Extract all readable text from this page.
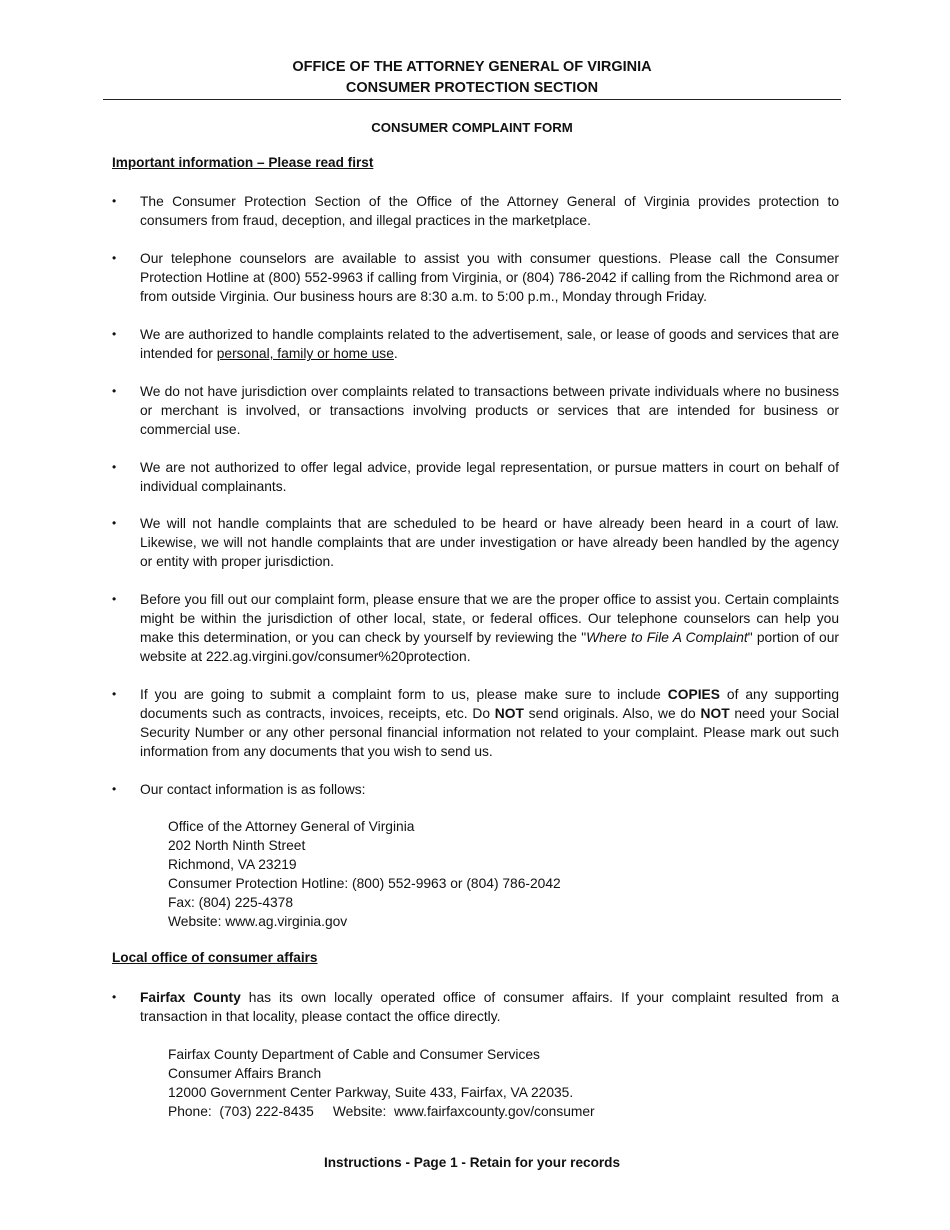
OFFICE OF THE ATTORNEY GENERAL OF VIRGINIA
CONSUMER PROTECTION SECTION
CONSUMER COMPLAINT FORM
Important information – Please read first
• The Consumer Protection Section of the Office of the Attorney General of Virginia provides protection to consumers from fraud, deception, and illegal practices in the marketplace.
• Our telephone counselors are available to assist you with consumer questions. Please call the Consumer Protection Hotline at (800) 552-9963 if calling from Virginia, or (804) 786-2042 if calling from the Richmond area or from outside Virginia. Our business hours are 8:30 a.m. to 5:00 p.m., Monday through Friday.
• We are authorized to handle complaints related to the advertisement, sale, or lease of goods and services that are intended for personal, family or home use.
• We do not have jurisdiction over complaints related to transactions between private individuals where no business or merchant is involved, or transactions involving products or services that are intended for business or commercial use.
• We are not authorized to offer legal advice, provide legal representation, or pursue matters in court on behalf of individual complainants.
• We will not handle complaints that are scheduled to be heard or have already been heard in a court of law. Likewise, we will not handle complaints that are under investigation or have already been handled by the agency or entity with proper jurisdiction.
• Before you fill out our complaint form, please ensure that we are the proper office to assist you. Certain complaints might be within the jurisdiction of other local, state, or federal offices. Our telephone counselors can help you make this determination, or you can check by yourself by reviewing the "Where to File A Complaint" portion of our website at 222.ag.virgini.gov/consumer%20protection.
• If you are going to submit a complaint form to us, please make sure to include COPIES of any supporting documents such as contracts, invoices, receipts, etc. Do NOT send originals. Also, we do NOT need your Social Security Number or any other personal financial information not related to your complaint. Please mark out such information from any documents that you wish to send us.
• Our contact information is as follows:
Office of the Attorney General of Virginia
202 North Ninth Street
Richmond, VA 23219
Consumer Protection Hotline: (800) 552-9963 or (804) 786-2042
Fax: (804) 225-4378
Website: www.ag.virginia.gov
Local office of consumer affairs
• Fairfax County has its own locally operated office of consumer affairs. If your complaint resulted from a transaction in that locality, please contact the office directly.
Fairfax County Department of Cable and Consumer Services
Consumer Affairs Branch
12000 Government Center Parkway, Suite 433, Fairfax, VA 22035.
Phone:  (703) 222-8435     Website:  www.fairfaxcounty.gov/consumer
Instructions - Page 1 - Retain for your records
